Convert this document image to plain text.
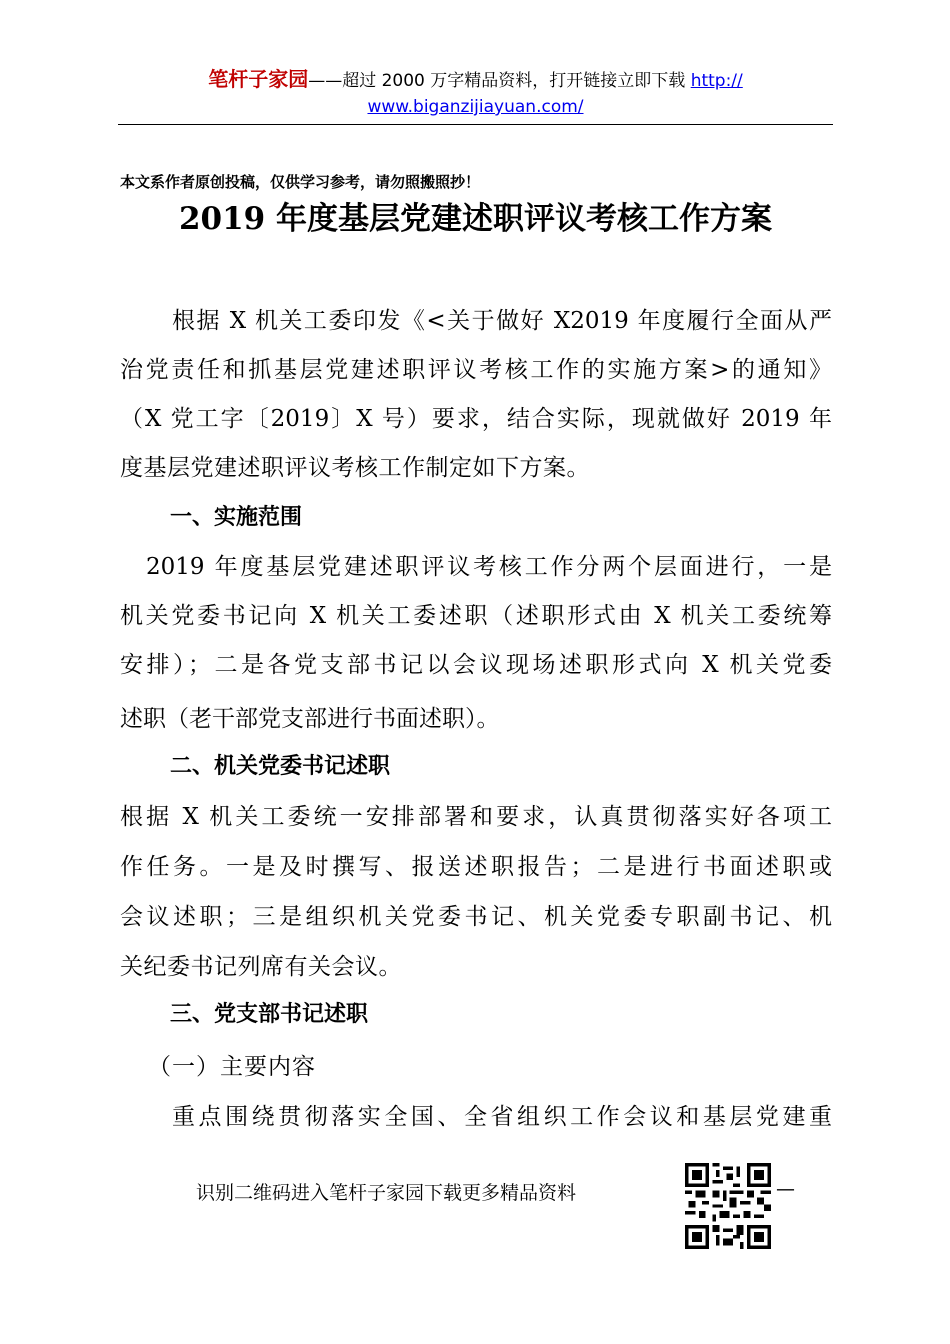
笔杆子家园——超过 2000 万字精品资料，打开链接立即下载 http://
www.biganzijiayuan.com/
本文系作者原创投稿，仅供学习参考，请勿照搬照抄！
2019 年度基层党建述职评议考核工作方案
根据 X 机关工委印发《<关于做好 X2019 年度履行全面从严
治党责任和抓基层党建述职评议考核工作的实施方案>的通知》
（X 党工字〔2019〕X 号）要求，结合实际，现就做好 2019 年
度基层党建述职评议考核工作制定如下方案。
一、实施范围
2019 年度基层党建述职评议考核工作分两个层面进行，一是
机关党委书记向 X 机关工委述职（述职形式由 X 机关工委统筹
安排）；二是各党支部书记以会议现场述职形式向 X 机关党委
述职（老干部党支部进行书面述职）。
二、机关党委书记述职
根据 X 机关工委统一安排部署和要求，认真贯彻落实好各项工
作任务。一是及时撰写、报送述职报告；二是进行书面述职或
会议述职；三是组织机关党委书记、机关党委专职副书记、机
关纪委书记列席有关会议。
三、党支部书记述职
（一）主要内容
重点围绕贯彻落实全国、全省组织工作会议和基层党建重
识别二维码进入笔杆子家园下载更多精品资料	—
